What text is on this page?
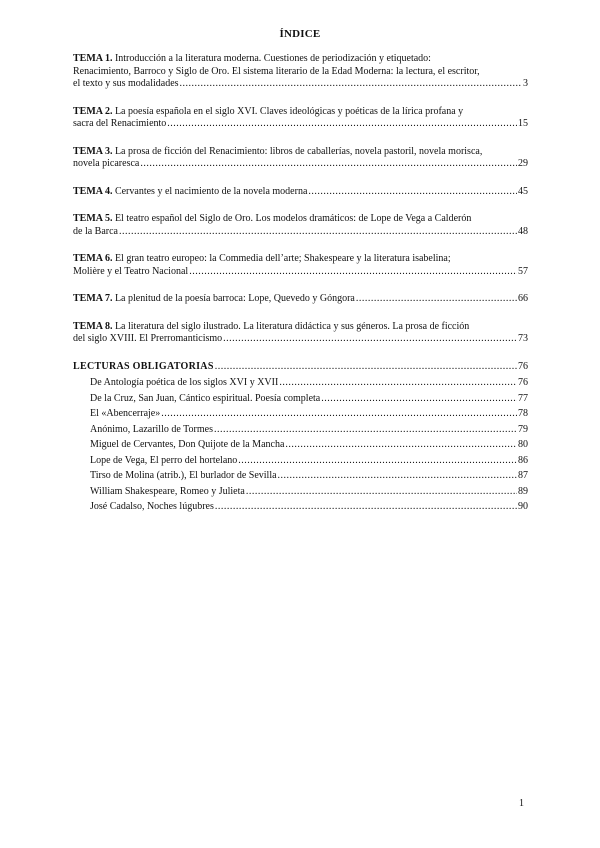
ÍNDICE
TEMA 1. Introducción a la literatura moderna. Cuestiones de periodización y etiquetado:
Renacimiento, Barroco y Siglo de Oro. El sistema literario de la Edad Moderna: la lectura, el escritor,
el texto y sus modalidades .....	3
TEMA 2. La poesía española en el siglo XVI. Claves ideológicas y poéticas de la lírica profana y
sacra del Renacimiento .....	15
TEMA 3. La prosa de ficción del Renacimiento: libros de caballerías, novela pastoril, novela morisca,
novela picaresca .....	29
TEMA 4. Cervantes y el nacimiento de la novela moderna .....	45
TEMA 5. El teatro español del Siglo de Oro. Los modelos dramáticos: de Lope de Vega a Calderón
de la Barca .....	48
TEMA 6. El gran teatro europeo: la Commedia dell’arte; Shakespeare y la literatura isabelina;
Molière y el Teatro Nacional .....	57
TEMA 7. La plenitud de la poesía barroca: Lope, Quevedo y Góngora .....	66
TEMA 8. La literatura del siglo ilustrado. La literatura didáctica y sus géneros. La prosa de ficción
del siglo XVIII. El Prerromanticismo .....	73
LECTURAS OBLIGATORIAS .....	76
De Antología poética de los siglos XVI y XVII .....	76
De la Cruz, San Juan, Cántico espiritual. Poesía completa .....	77
El «Abencerraje» .....	78
Anónimo, Lazarillo de Tormes .....	79
Miguel de Cervantes, Don Quijote de la Mancha .....	80
Lope de Vega, El perro del hortelano .....	86
Tirso de Molina (atrib.), El burlador de Sevilla .....	87
William Shakespeare, Romeo y Julieta .....	89
José Cadalso, Noches lúgubres .....	90
1
